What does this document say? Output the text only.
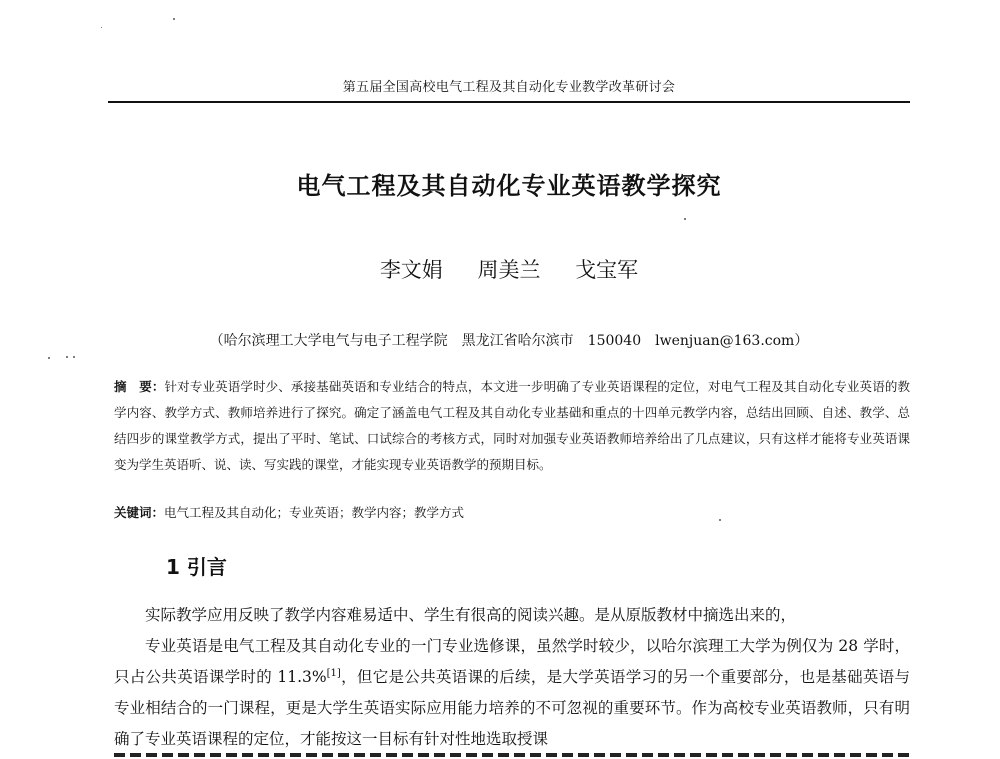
第五届全国高校电气工程及其自动化专业教学改革研讨会
电气工程及其自动化专业英语教学探究
李文娟 周美兰 戈宝军
（哈尔滨理工大学电气与电子工程学院　黑龙江省哈尔滨市　150040　lwenjuan@163.com）
摘　要：针对专业英语学时少、承接基础英语和专业结合的特点，本文进一步明确了专业英语课程的定位，对电气工程及其自动化专业英语的教学内容、教学方式、教师培养进行了探究。确定了涵盖电气工程及其自动化专业基础和重点的十四单元教学内容，总结出回顾、自述、教学、总结四步的课堂教学方式，提出了平时、笔试、口试综合的考核方式，同时对加强专业英语教师培养给出了几点建议，只有这样才能将专业英语课变为学生英语听、说、读、写实践的课堂，才能实现专业英语教学的预期目标。
关键词：电气工程及其自动化；专业英语；教学内容；教学方式
1 引言

实际教学应用反映了教学内容难易适中、学生有很高的阅读兴趣。是从原版教材中摘选出来的，

专业英语是电气工程及其自动化专业的一门专业选修课，虽然学时较少，以哈尔滨理工大学为例仅为 28 学时，只占公共英语课学时的 11.3%[1]，但它是公共英语课的后续，是大学英语学习的另一个重要部分，也是基础英语与专业相结合的一门课程，更是大学生英语实际应用能力培养的不可忽视的重要环节。作为高校专业英语教师，只有明确了专业英语课程的定位，才能按这一目标有针对性地选取授课
